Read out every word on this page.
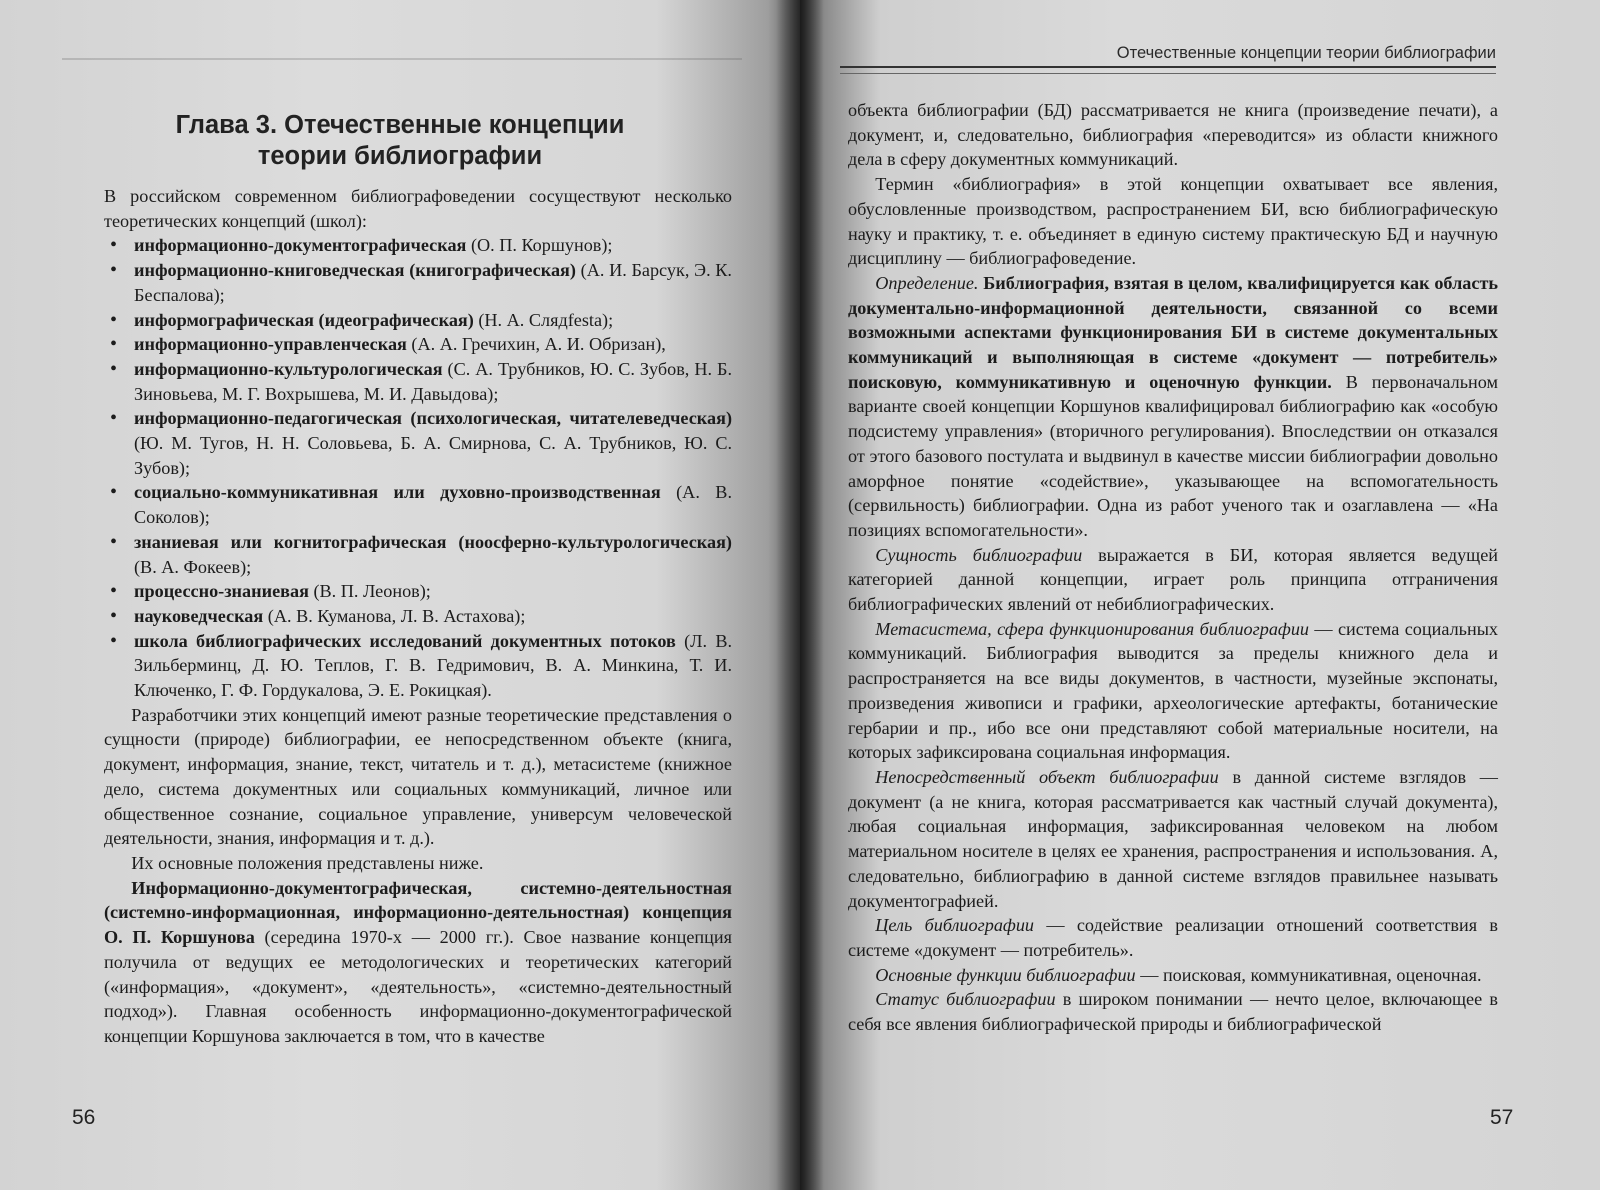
Глава 3. Отечественные концепции
теории библиографии

В российском современном библиографоведении сосуществуют несколько теоретических концепций (школ):

• информационно-документографическая (О. П. Коршунов);
• информационно-книговедческая (книгографическая) (А. И. Барсук, Э. К. Беспалова);
• информографическая (идеографическая) (Н. А. Слядfesta);
• информационно-управленческая (А. А. Гречихин, А. И. Обризан),
• информационно-культурологическая (С. А. Трубников, Ю. С. Зубов, Н. Б. Зиновьева, М. Г. Вохрышева, М. И. Давыдова);
• информационно-педагогическая (психологическая, читателеведческая) (Ю. М. Тугов, Н. Н. Соловьева, Б. А. Смирнова, С. А. Трубников, Ю. С. Зубов);
• социально-коммуникативная или духовно-производственная (А. В. Соколов);
• знаниевая или когнитографическая (ноосферно-культурологическая) (В. А. Фокеев);
• процессно-знаниевая (В. П. Леонов);
• науковедческая (А. В. Куманова, Л. В. Астахова);
• школа библиографических исследований документных потоков (Л. В. Зильберминц, Д. Ю. Теплов, Г. В. Гедримович, В. А. Минкина, Т. И. Ключенко, Г. Ф. Гордукалова, Э. Е. Рокицкая).

Разработчики этих концепций имеют разные теоретические представления о сущности (природе) библиографии, ее непосредственном объекте (книга, документ, информация, знание, текст, читатель и т. д.), метасистеме (книжное дело, система документных или социальных коммуникаций, личное или общественное сознание, социальное управление, универсум человеческой деятельности, знания, информация и т. д.).

Их основные положения представлены ниже.

Информационно-документографическая, системно-деятельностная (системно-информационная, информационно-деятельностная) концепция О. П. Коршунова (середина 1970-х — 2000 гг.). Свое название концепция получила от ведущих ее методологических и теоретических категорий («информация», «документ», «деятельность», «системно-деятельностный подход»). Главная особенность информационно-документографической концепции Коршунова заключается в том, что в качестве

56
Отечественные концепции теории библиографии

объекта библиографии (БД) рассматривается не книга (произведение печати), а документ, и, следовательно, библиография «переводится» из области книжного дела в сферу документных коммуникаций.

Термин «библиография» в этой концепции охватывает все явления, обусловленные производством, распространением БИ, всю библиографическую науку и практику, т. е. объединяет в единую систему практическую БД и научную дисциплину — библиографоведение.

Определение. Библиография, взятая в целом, квалифицируется как область документально-информационной деятельности, связанной со всеми возможными аспектами функционирования БИ в системе документальных коммуникаций и выполняющая в системе «документ — потребитель» поисковую, коммуникативную и оценочную функции. В первоначальном варианте своей концепции Коршунов квалифицировал библиографию как «особую подсистему управления» (вторичного регулирования). Впоследствии он отказался от этого базового постулата и выдвинул в качестве миссии библиографии довольно аморфное понятие «содействие», указывающее на вспомогательность (сервильность) библиографии. Одна из работ ученого так и озаглавлена — «На позициях вспомогательности».

Сущность библиографии выражается в БИ, которая является ведущей категорией данной концепции, играет роль принципа отграничения библиографических явлений от небиблиографических.

Метасистема, сфера функционирования библиографии — система социальных коммуникаций. Библиография выводится за пределы книжного дела и распространяется на все виды документов, в частности, музейные экспонаты, произведения живописи и графики, археологические артефакты, ботанические гербарии и пр., ибо все они представляют собой материальные носители, на которых зафиксирована социальная информация.

Непосредственный объект библиографии в данной системе взглядов — документ (а не книга, которая рассматривается как частный случай документа), любая социальная информация, зафиксированная человеком на любом материальном носителе в целях ее хранения, распространения и использования. А, следовательно, библиографию в данной системе взглядов правильнее называть документографией.

Цель библиографии — содействие реализации отношений соответствия в системе «документ — потребитель».

Основные функции библиографии — поисковая, коммуникативная, оценочная.

Статус библиографии в широком понимании — нечто целое, включающее в себя все явления библиографической природы и библиографической

57
